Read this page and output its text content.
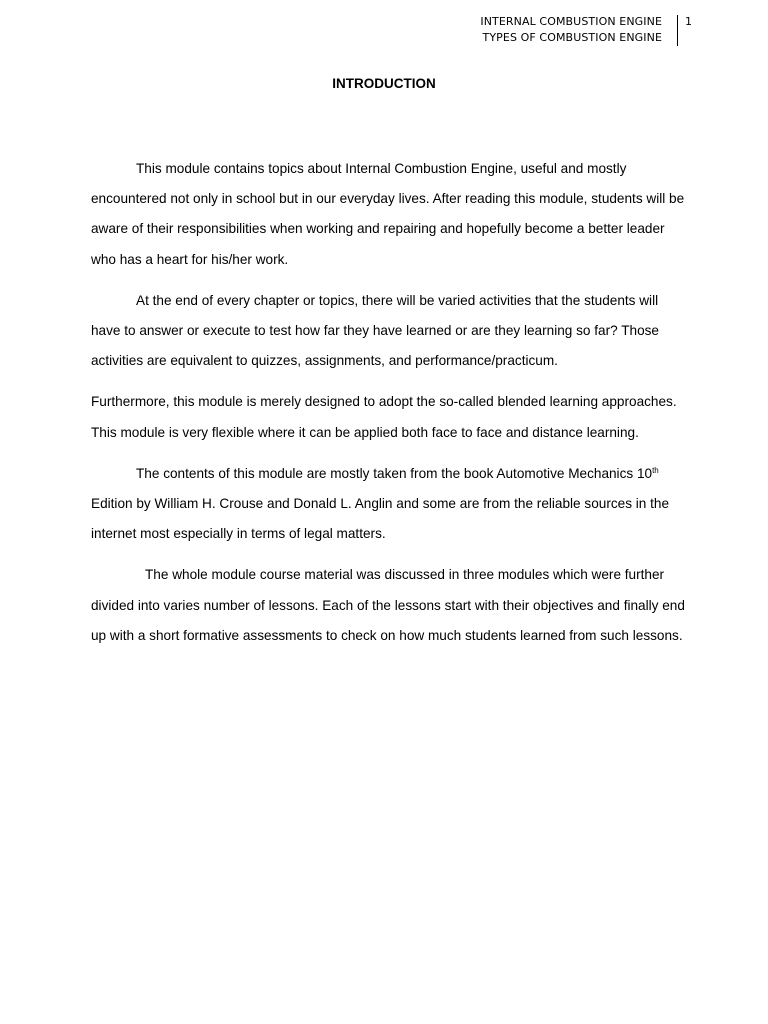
INTERNAL COMBUSTION ENGINE
TYPES OF COMBUSTION ENGINE
1
INTRODUCTION

This module contains topics about Internal Combustion Engine, useful and mostly encountered not only in school but in our everyday lives. After reading this module, students will be aware of their responsibilities when working and repairing and hopefully become a better leader who has a heart for his/her work.

At the end of every chapter or topics, there will be varied activities that the students will have to answer or execute to test how far they have learned or are they learning so far? Those activities are equivalent to quizzes, assignments, and performance/practicum.

Furthermore, this module is merely designed to adopt the so-called blended learning approaches. This module is very flexible where it can be applied both face to face and distance learning.

The contents of this module are mostly taken from the book Automotive Mechanics 10th Edition by William H. Crouse and Donald L. Anglin and some are from the reliable sources in the internet most especially in terms of legal matters.

The whole module course material was discussed in three modules which were further divided into varies number of lessons. Each of the lessons start with their objectives and finally end up with a short formative assessments to check on how much students learned from such lessons.
